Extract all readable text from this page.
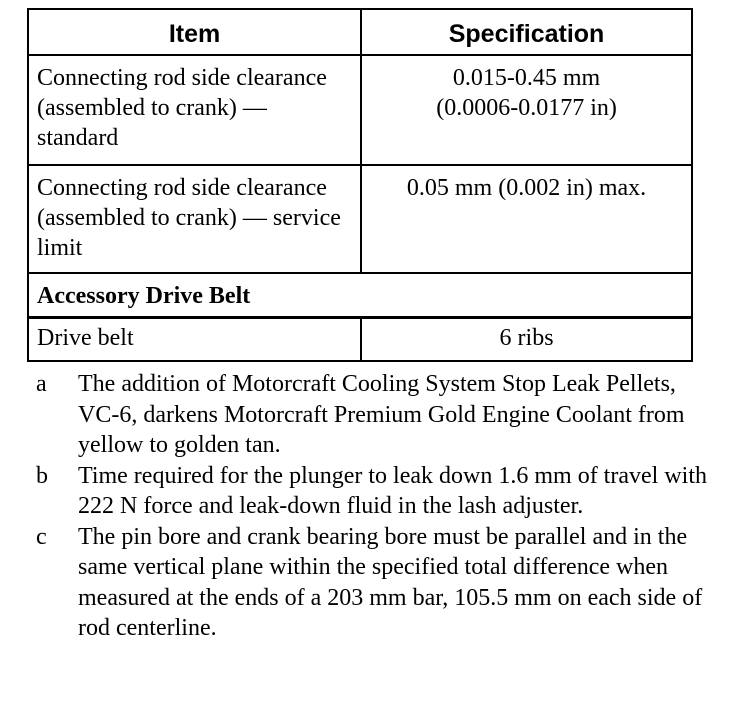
Item	Specification
Connecting rod side clearance (assembled to crank) — standard	0.015-0.45 mm
(0.0006-0.0177 in)

Connecting rod side clearance (assembled to crank) — service limit	0.05 mm (0.002 in) max.

Accessory Drive Belt	
Drive belt	6 ribs
a	The addition of Motorcraft Cooling System Stop Leak Pellets, VC-6, darkens Motorcraft Premium Gold Engine Coolant from yellow to golden tan.
b	Time required for the plunger to leak down 1.6 mm of travel with 222 N force and leak-down fluid in the lash adjuster.
c	The pin bore and crank bearing bore must be parallel and in the same vertical plane within the specified total difference when measured at the ends of a 203 mm bar, 105.5 mm on each side of rod centerline.
